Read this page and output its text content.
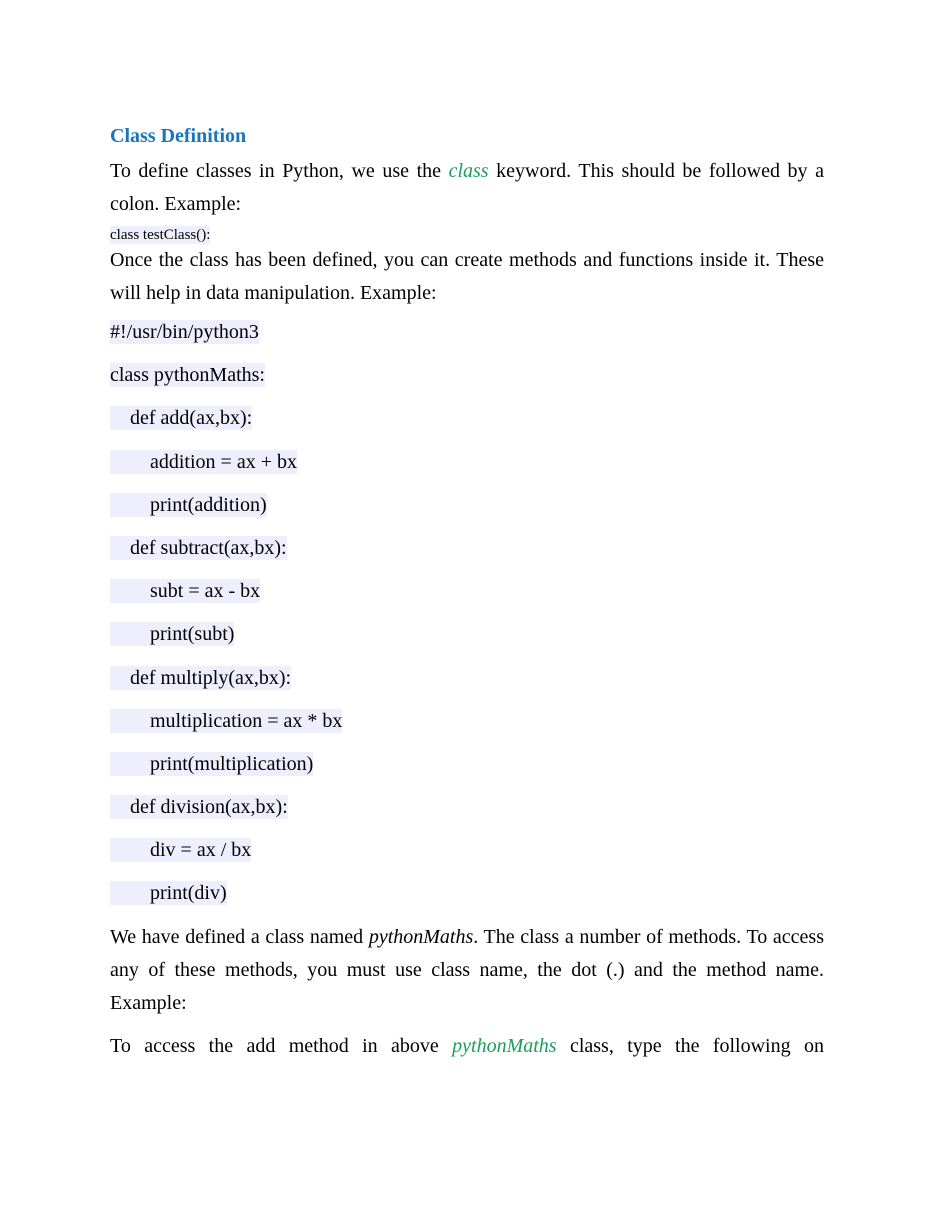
Class Definition

To define classes in Python, we use the class keyword. This should be followed by a colon. Example:

class testClass():

Once the class has been defined, you can create methods and functions inside it. These will help in data manipulation. Example:

#!/usr/bin/python3
class pythonMaths:
def add(ax,bx):
addition = ax + bx
print(addition)
def subtract(ax,bx):
subt = ax - bx
print(subt)
def multiply(ax,bx):
multiplication = ax * bx
print(multiplication)
def division(ax,bx):
div = ax / bx
print(div)

We have defined a class named pythonMaths. The class a number of methods. To access any of these methods, you must use class name, the dot (.) and the method name. Example:

To access the add method in above pythonMaths class, type the following on
